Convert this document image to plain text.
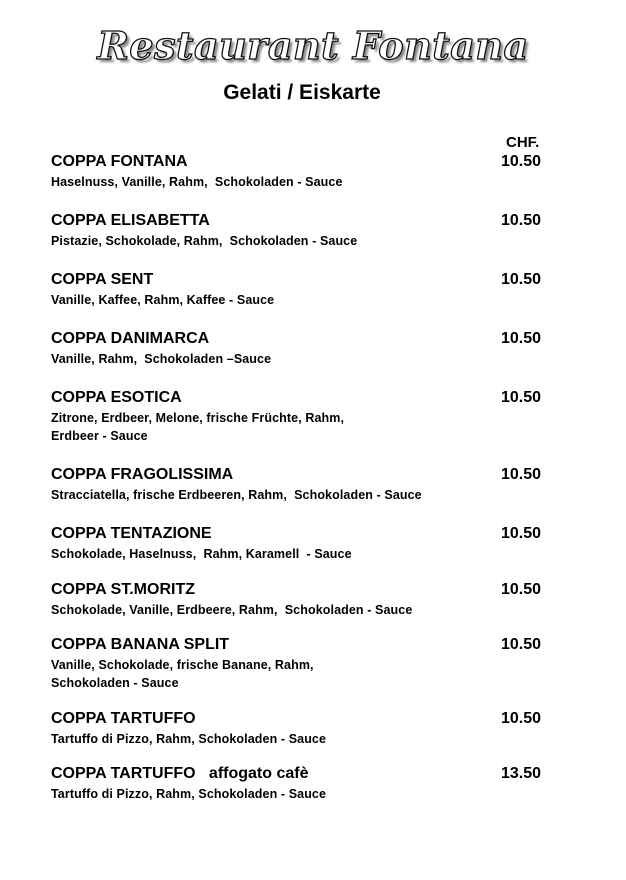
Restaurant Fontana
Gelati / Eiskarte
CHF.
COPPA FONTANA	10.50
Haselnuss, Vanille, Rahm,  Schokoladen - Sauce
COPPA ELISABETTA	10.50
Pistazie, Schokolade, Rahm,  Schokoladen - Sauce
COPPA SENT	10.50
Vanille, Kaffee, Rahm, Kaffee - Sauce
COPPA DANIMARCA	10.50
Vanille, Rahm,  Schokoladen –Sauce
COPPA ESOTICA	10.50
Zitrone, Erdbeer, Melone, frische Früchte, Rahm, Erdbeer - Sauce
COPPA FRAGOLISSIMA	10.50
Stracciatella, frische Erdbeeren, Rahm,  Schokoladen - Sauce
COPPA TENTAZIONE	10.50
Schokolade, Haselnuss,  Rahm, Karamell  - Sauce
COPPA ST.MORITZ	10.50
Schokolade, Vanille, Erdbeere, Rahm,  Schokoladen - Sauce
COPPA BANANA SPLIT	10.50
Vanille, Schokolade, frische Banane, Rahm, Schokoladen - Sauce
COPPA TARTUFFO	10.50
Tartuffo di Pizzo, Rahm, Schokoladen - Sauce
COPPA TARTUFFO   affogato cafè	13.50
Tartuffo di Pizzo, Rahm, Schokoladen - Sauce
